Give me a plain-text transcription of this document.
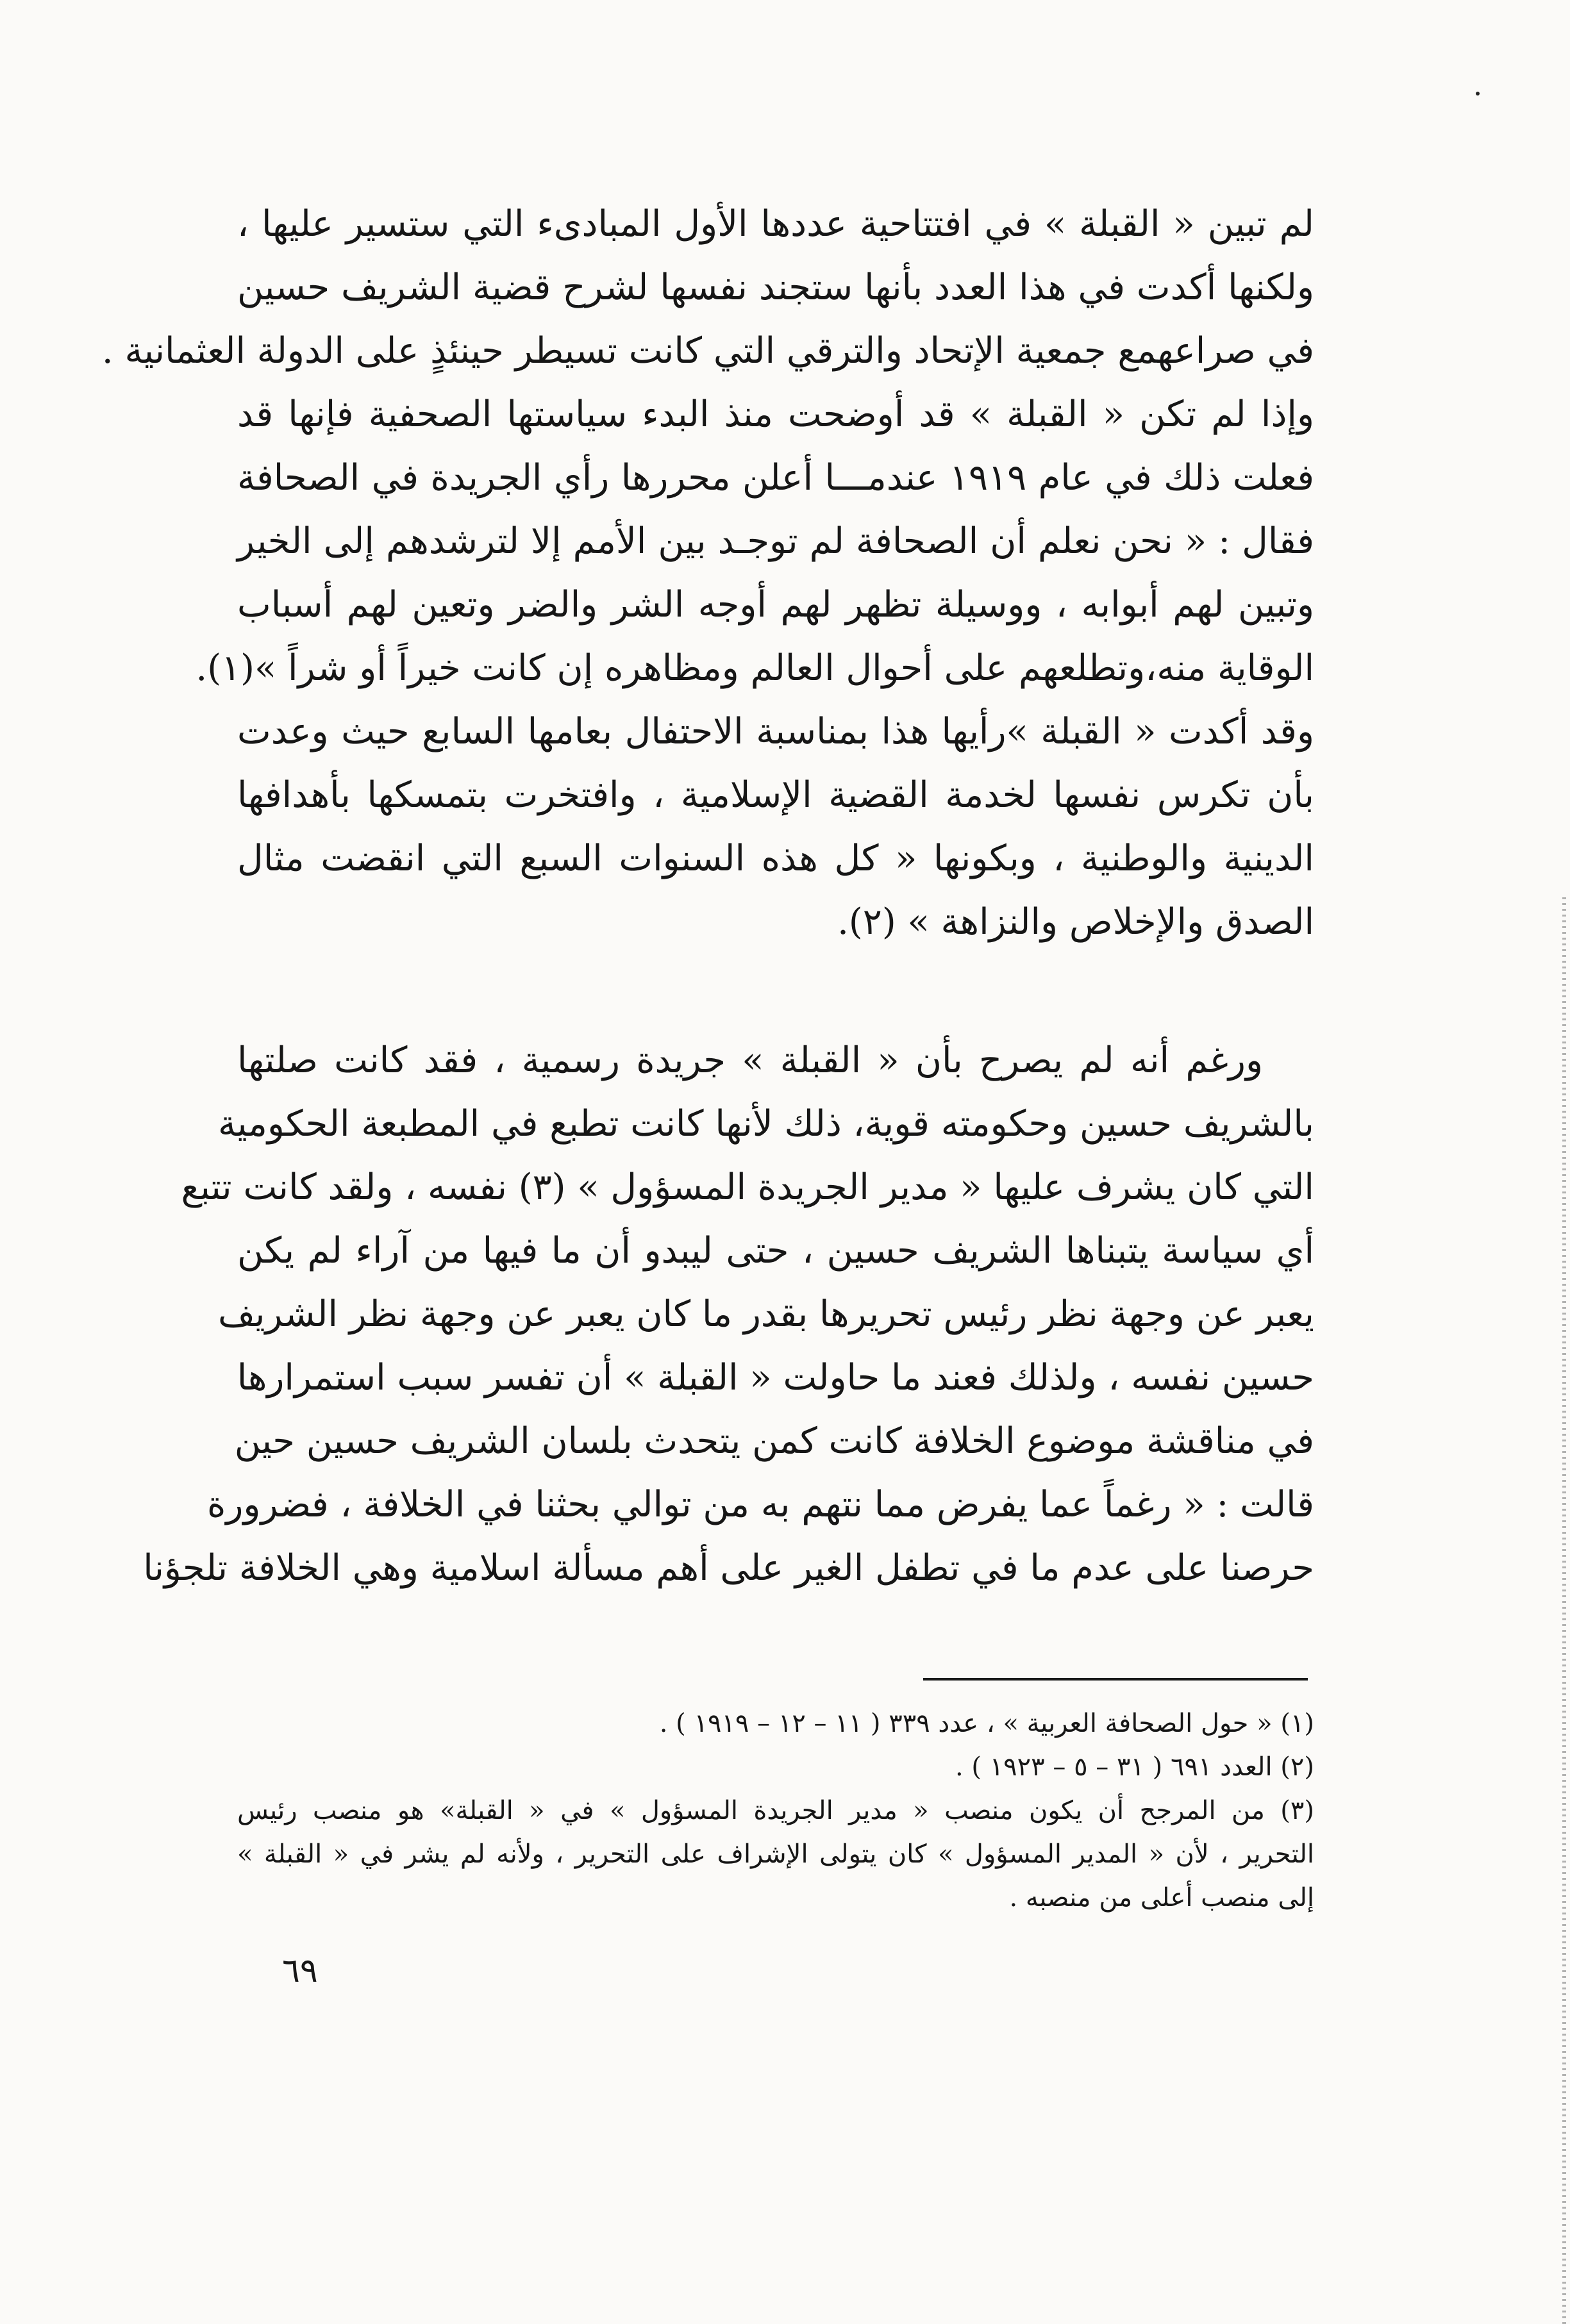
لم تبين « القبلة » في افتتاحية عددها الأول المبادىء التي ستسير عليها ،
ولكنها أكدت في هذا العدد بأنها ستجند نفسها لشرح قضية الشريف حسين
في صراعهمع جمعية الإتحاد والترقي التي كانت تسيطر حينئذٍ على الدولة العثمانية .
وإذا لم تكن « القبلة » قد أوضحت منذ البدء سياستها الصحفية فإنها قد
فعلت ذلك في عام ١٩١٩ عندمـــا أعلن محررها رأي الجريدة في الصحافة
فقال : « نحن نعلم أن الصحافة لم توجـد بين الأمم إلا لترشدهم إلى الخير
وتبين لهم أبوابه ، ووسيلة تظهر لهم أوجه الشر والضر وتعين لهم أسباب
الوقاية منه،وتطلعهم على أحوال العالم ومظاهره إن كانت خيراً أو شراً »(١).
وقد أكدت « القبلة »رأيها هذا بمناسبة الاحتفال بعامها السابع حيث وعدت
بأن تكرس نفسها لخدمة القضية الإسلامية ، وافتخرت بتمسكها بأهدافها
الدينية والوطنية ، وبكونها « كل هذه السنوات السبع التي انقضت مثال
الصدق والإخلاص والنزاهة » (٢).
ورغم أنه لم يصرح بأن « القبلة » جريدة رسمية ، فقد كانت صلتها
بالشريف حسين وحكومته قوية، ذلك لأنها كانت تطبع في المطبعة الحكومية
التي كان يشرف عليها « مدير الجريدة المسؤول » (٣) نفسه ، ولقد كانت تتبع
أي سياسة يتبناها الشريف حسين ، حتى ليبدو أن ما فيها من آراء لم يكن
يعبر عن وجهة نظر رئيس تحريرها بقدر ما كان يعبر عن وجهة نظر الشريف
حسين نفسه ، ولذلك فعند ما حاولت « القبلة » أن تفسر سبب استمرارها
في مناقشة موضوع الخلافة كانت كمن يتحدث بلسان الشريف حسين حين
قالت : « رغماً عما يفرض مما نتهم به من توالي بحثنا في الخلافة ، فضرورة
حرصنا على عدم ما في تطفل الغير على أهم مسألة اسلامية وهي الخلافة تلجؤنا
(١) « حول الصحافة العربية » ، عدد ٣٣٩ ( ١١ – ١٢ – ١٩١٩ ) .
(٢) العدد ٦٩١ ( ٣١ – ٥ – ١٩٢٣ ) .
(٣) من المرجح أن يكون منصب « مدير الجريدة المسؤول » في « القبلة» هو منصب رئيس
التحرير ، لأن « المدير المسؤول » كان يتولى الإشراف على التحرير ، ولأنه لم يشر في « القبلة »
إلى منصب أعلى من منصبه .
٦٩
